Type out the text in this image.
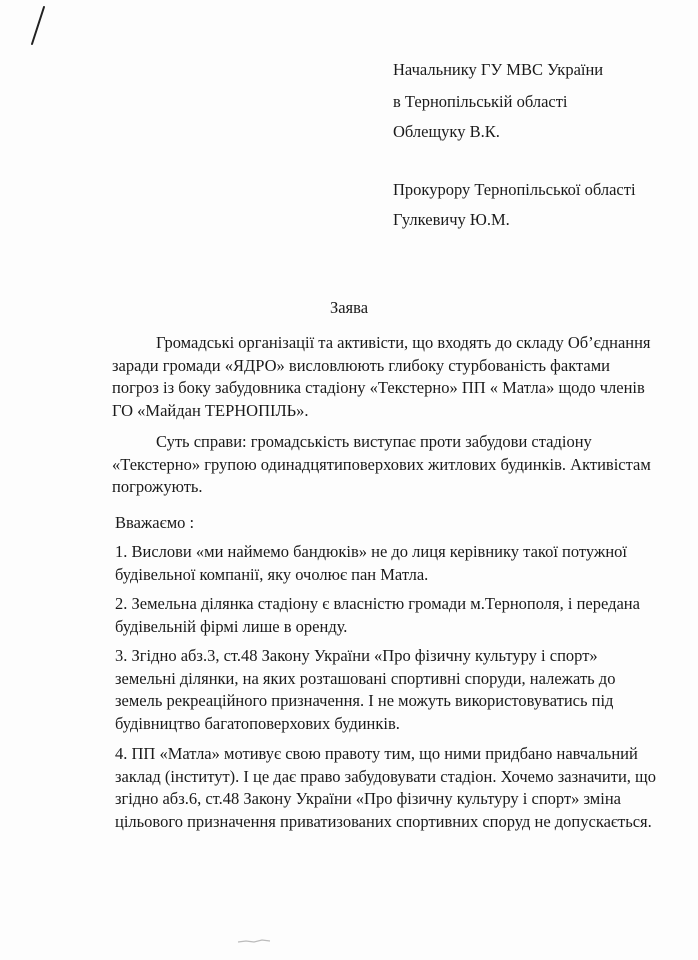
Начальнику ГУ МВС України
в Тернопільській області
Облещуку В.К.
Прокурору Тернопільської області
Гулкевичу Ю.М.
Заява
Громадські організації та активісти, що входять до складу Об’єднання
заради громади «ЯДРО» висловлюють глибоку стурбованість фактами
погроз із боку забудовника стадіону «Текстерно» ПП « Матла» щодо членів
ГО «Майдан ТЕРНОПІЛЬ».
Суть справи: громадськість виступає проти забудови стадіону
«Текстерно» групою одинадцятиповерхових житлових будинків. Активістам
погрожують.
Вважаємо :
1. Вислови «ми наймемо бандюків» не до лиця керівнику такої потужної
будівельної компанії, яку очолює пан Матла.
2. Земельна ділянка стадіону є власністю громади м.Тернополя, і передана
будівельній фірмі лише в оренду.
3. Згідно абз.3, ст.48 Закону України «Про фізичну культуру і спорт»
земельні ділянки, на яких розташовані спортивні споруди, належать до
земель рекреаційного призначення. І не можуть використовуватись під
будівництво багатоповерхових будинків.
4. ПП «Матла» мотивує свою правоту тим, що ними придбано навчальний
заклад (інститут). І це дає право забудовувати стадіон. Хочемо зазначити, що
згідно абз.6, ст.48 Закону України «Про фізичну культуру і спорт» зміна
цільового призначення приватизованих спортивних споруд не допускається.
